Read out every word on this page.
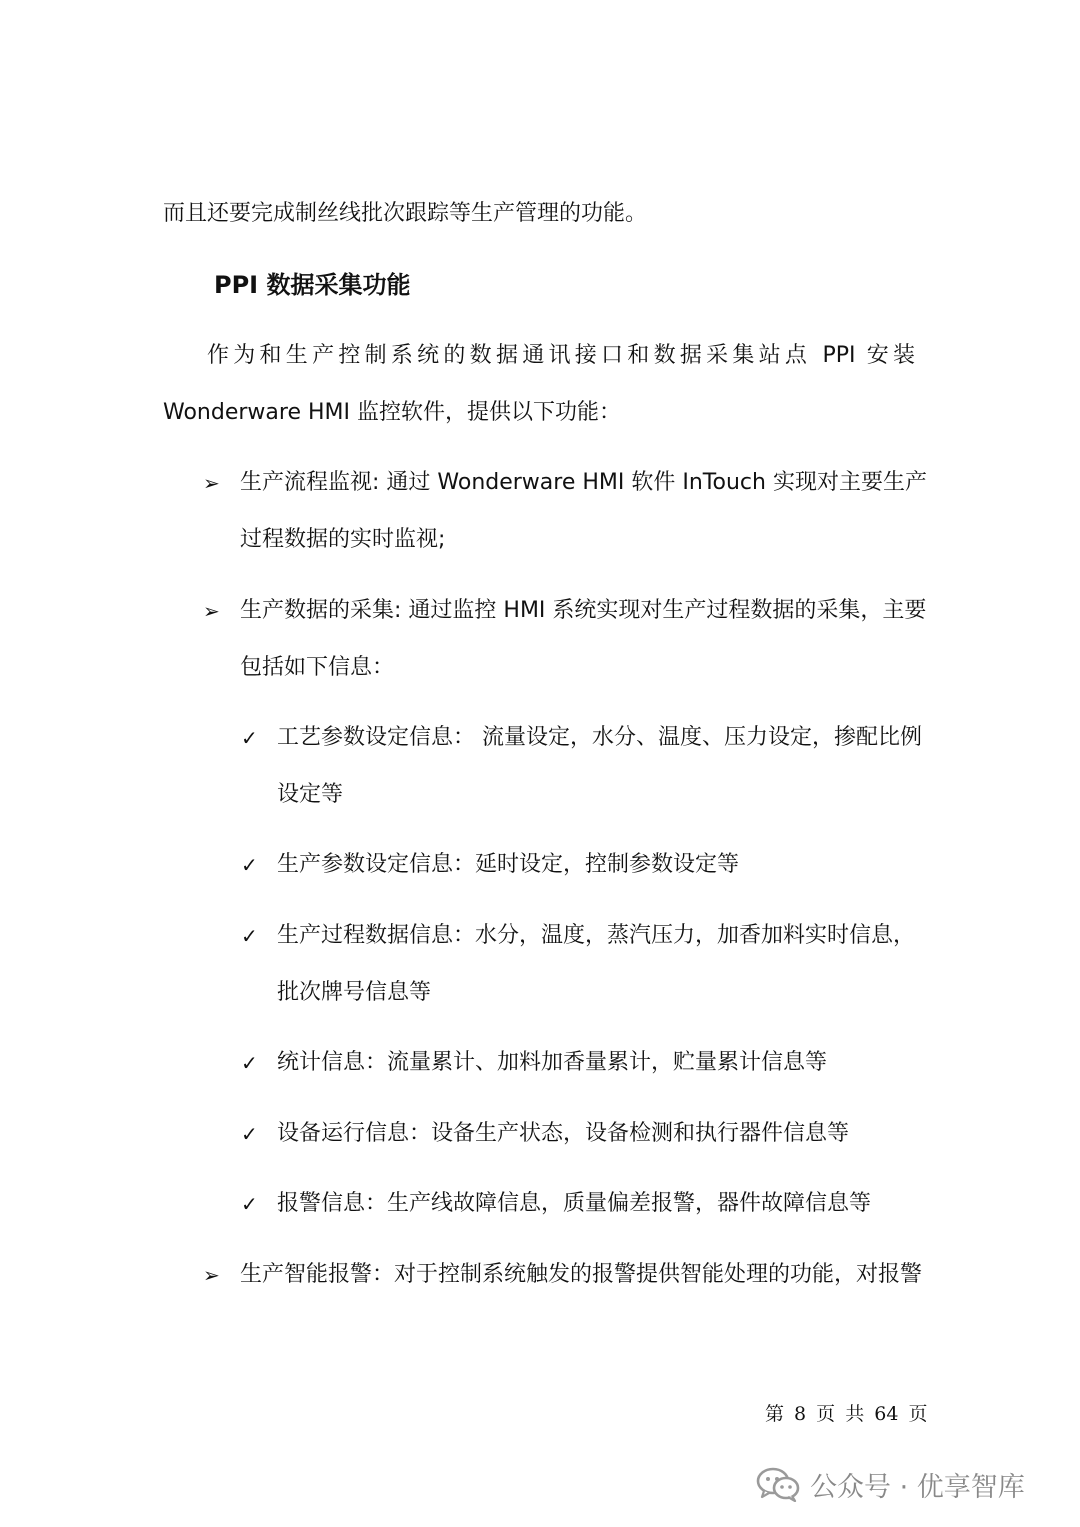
而且还要完成制丝线批次跟踪等生产管理的功能。
PPI 数据采集功能
作为和生产控制系统的数据通讯接口和数据采集站点 PPI 安装
Wonderware HMI 监控软件，提供以下功能：
➢ 生产流程监视: 通过 Wonderware HMI 软件 InTouch 实现对主要生产
过程数据的实时监视;
➢ 生产数据的采集: 通过监控 HMI 系统实现对生产过程数据的采集，主要
包括如下信息：
✓ 工艺参数设定信息： 流量设定，水分、温度、压力设定，掺配比例
设定等
✓ 生产参数设定信息：延时设定，控制参数设定等
✓ 生产过程数据信息：水分，温度，蒸汽压力，加香加料实时信息，
批次牌号信息等
✓ 统计信息：流量累计、加料加香量累计，贮量累计信息等
✓ 设备运行信息：设备生产状态，设备检测和执行器件信息等
✓ 报警信息：生产线故障信息，质量偏差报警，器件故障信息等
➢ 生产智能报警：对于控制系统触发的报警提供智能处理的功能，对报警
第 8 页 共 64 页
公众号 · 优享智库
